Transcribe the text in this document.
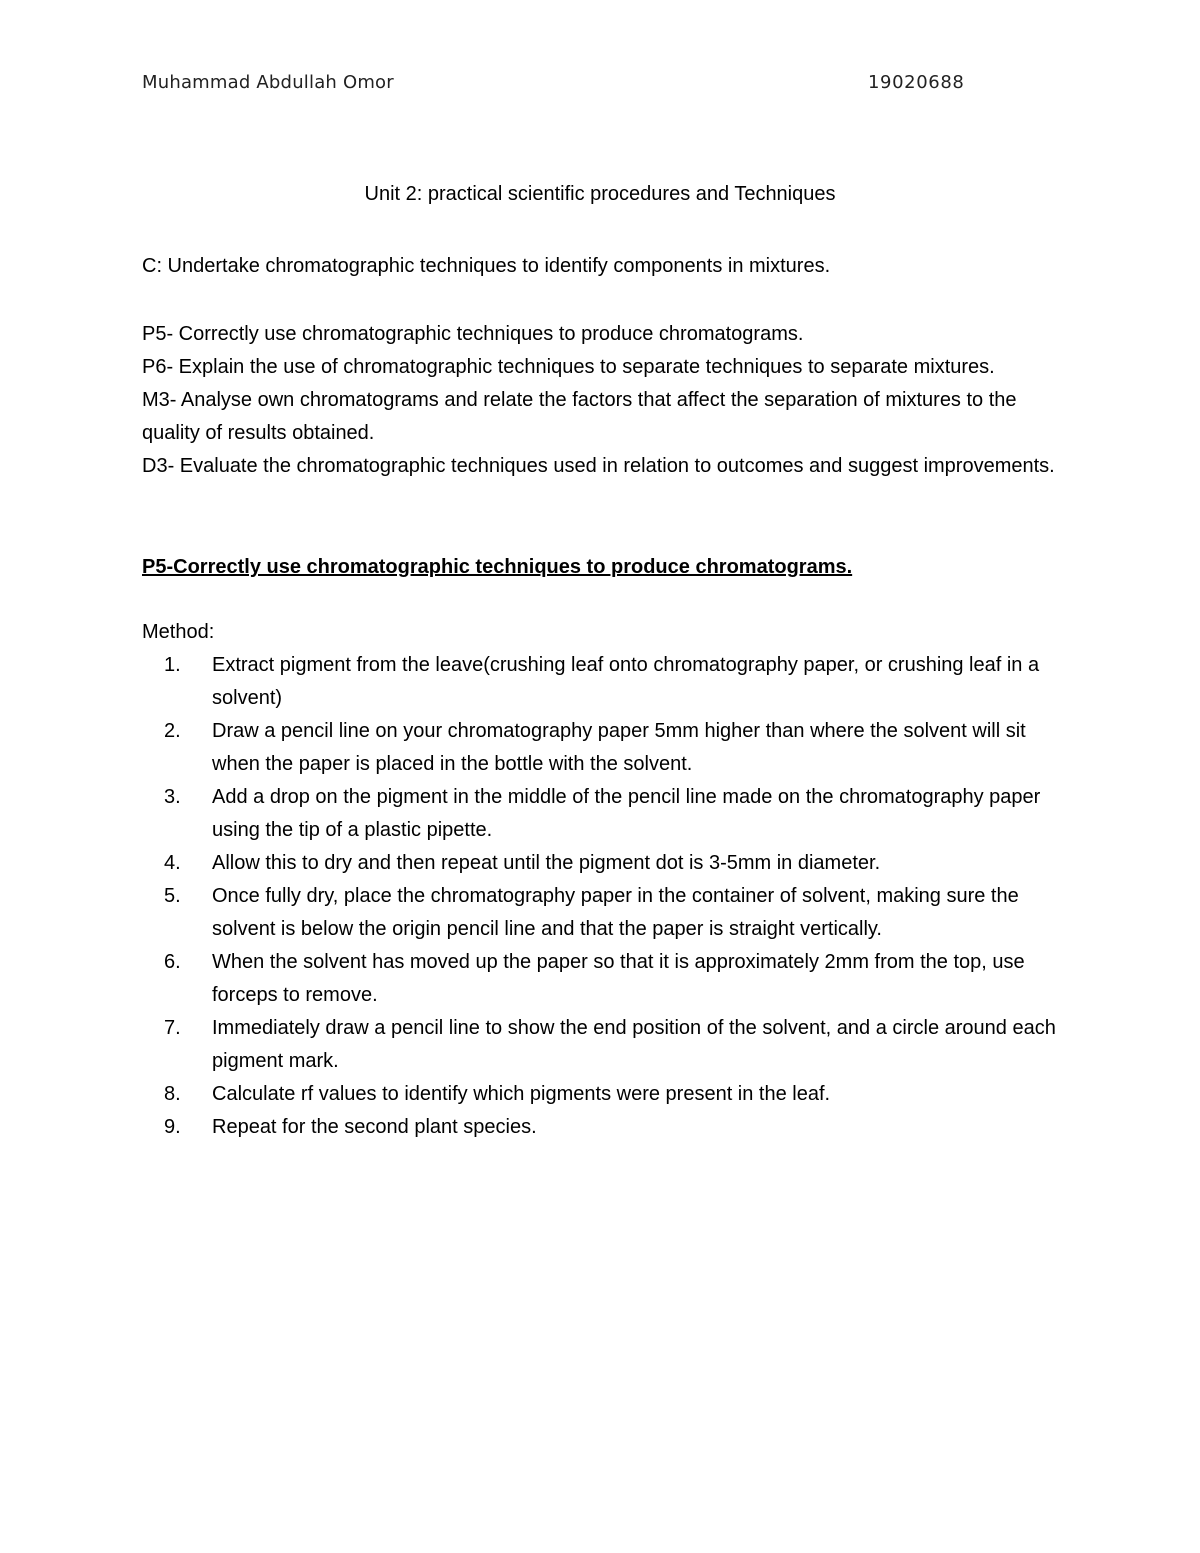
Muhammad Abdullah Omor	19020688
Unit 2: practical scientific procedures and Techniques
C: Undertake chromatographic techniques to identify components in mixtures.

P5- Correctly use chromatographic techniques to produce chromatograms.

P6- Explain the use of chromatographic techniques to separate techniques to separate mixtures.

M3- Analyse own chromatograms and relate the factors that affect the separation of mixtures to the quality of results obtained.

D3- Evaluate the chromatographic techniques used in relation to outcomes and suggest improvements.

P5-Correctly use chromatographic techniques to produce chromatograms.
Method:
1.	Extract pigment from the leave(crushing leaf onto chromatography paper, or crushing leaf in a solvent)
2.	Draw a pencil line on your chromatography paper 5mm higher than where the solvent will sit when the paper is placed in the bottle with the solvent.
3.	Add a drop on the pigment in the middle of the pencil line made on the chromatography paper using the tip of a plastic pipette.
4.	Allow this to dry and then repeat until the pigment dot is 3-5mm in diameter.
5.	Once fully dry, place the chromatography paper in the container of solvent, making sure the solvent is below the origin pencil line and that the paper is straight vertically.
6.	When the solvent has moved up the paper so that it is approximately 2mm from the top, use forceps to remove.
7.	Immediately draw a pencil line to show the end position of the solvent, and a circle around each pigment mark.
8.	Calculate rf values to identify which pigments were present in the leaf.
9.	Repeat for the second plant species.
